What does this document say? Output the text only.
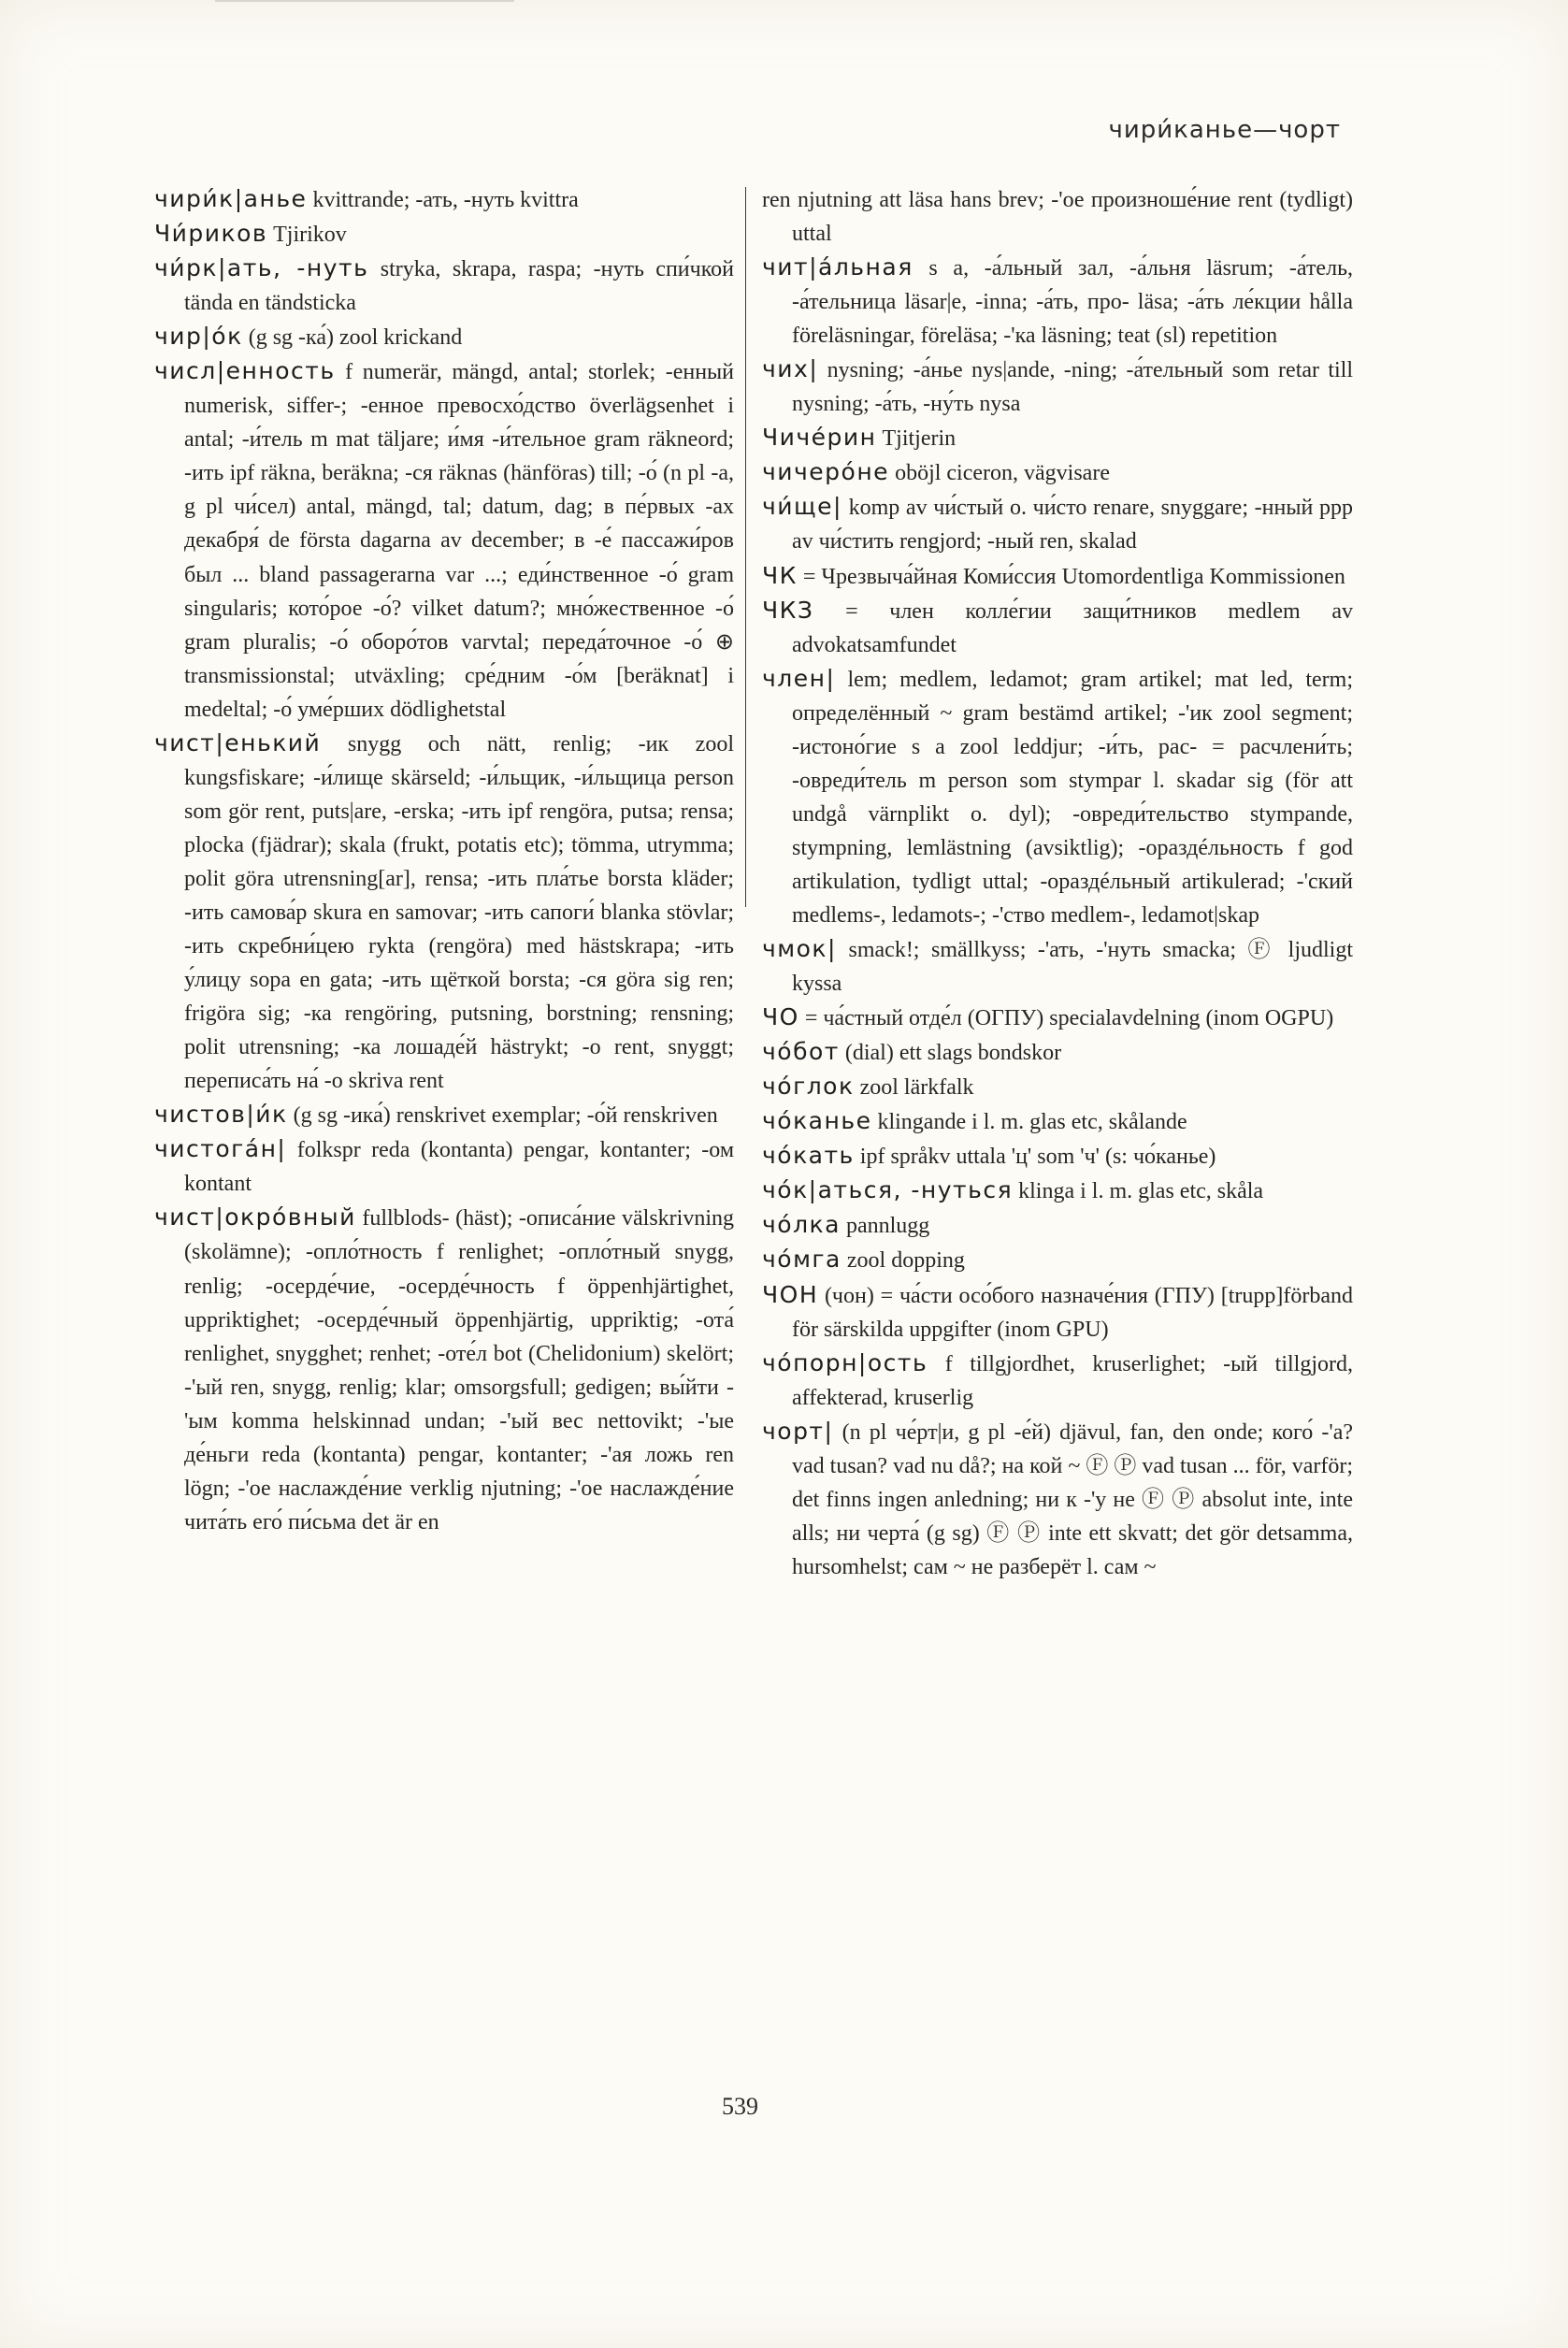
чири́канье—чорт

чири́к|анье kvittrande; -ать, -нуть kvittra

Чи́риков Tjirikov

чи́рк|ать, -нуть stryka, skrapa, raspa; -нуть спи́чкой tända en tändsticka

чир|о́к (g sg -ка́) zool krickand

числ|енность f numerär, mängd, antal; storlek; -енный numerisk, siffer-; -енное превосхо́дство överlägsenhet i antal; -и́тель m mat täljare; и́мя -и́тельное gram räkneord; -ить ipf räkna, beräkna; -ся räknas (hänföras) till; -о́ (n pl -а, g pl чи́сел) antal, mängd, tal; datum, dag; в пе́рвых -ах декабря́ de första dagarna av december; в -е́ пассажи́ров был ... bland passagerarna var ...; еди́нственное -о́ gram singularis; кото́рое -о́? vilket datum?; мно́жественное -о́ gram pluralis; -о́ оборо́тов varvtal; переда́точное -о́ ⊕ transmissionstal; utväxling; сре́дним -о́м [beräknat] i medeltal; -о́ уме́рших dödlighetstal

чист|енький snygg och nätt, renlig; -ик zool kungsfiskare; -и́лище skärseld; -и́льщик, -и́льщица person som gör rent, puts|are, -erska; -ить ipf rengöra, putsa; rensa; plocka (fjädrar); skala (frukt, potatis etc); tömma, utrymma; polit göra utrensning[ar], rensa; -ить пла́тье borsta kläder; -ить самова́р skura en samovar; -ить сапоги́ blanka stövlar; -ить скребни́цею rykta (rengöra) med hästskrapa; -ить у́лицу sopa en gata; -ить щёткой borsta; -ся göra sig ren; frigöra sig; -ка rengöring, putsning, borstning; rensning; polit utrensning; -ка лошаде́й hästrykt; -о rent, snyggt; переписа́ть на́ -о skriva rent

чистов|и́к (g sg -ика́) renskrivet exemplar; -о́й renskriven

чистога́н| folkspr reda (kontanta) pengar, kontanter; -ом kontant

чист|окро́вный fullblods- (häst); -описа́ние välskrivning (skolämne); -опло́тность f renlighet; -опло́тный snygg, renlig; -осерде́чие, -осерде́чность f öppenhjärtighet, uppriktighet; -осерде́чный öppenhjärtig, uppriktig; -ота́ renlighet, snygghet; renhet; -оте́л bot (Chelidonium) skelört; -'ый ren, snygg, renlig; klar; omsorgsfull; gedigen; вы́йти -'ым komma helskinnad undan; -'ый вес nettovikt; -'ые де́ньги reda (kontanta) pengar, kontanter; -'ая ложь ren lögn; -'ое наслажде́ние verklig njutning; -'ое наслажде́ние чита́ть его́ пи́сьма det är en

ren njutning att läsa hans brev; -'ое произноше́ние rent (tydligt) uttal

чит|а́льная s a, -а́льный зал, -а́льня läsrum; -а́тель, -а́тельница läsar|e, -inna; -а́ть, про- läsa; -а́ть ле́кции hålla föreläsningar, föreläsa; -'ка läsning; teat (sl) repetition

чих| nysning; -а́нье nys|ande, -ning; -а́тельный som retar till nysning; -а́ть, -ну́ть nysa

Чиче́рин Tjitjerin

чичеро́не oböjl ciceron, vägvisare

чи́ще| komp av чи́стый o. чи́сто renare, snyggare; -нный ppp av чи́стить rengjord; -ный ren, skalad

ЧК = Чрезвыча́йная Коми́ссия Utomordentliga Kommissionen

ЧКЗ = член колле́гии защи́тников medlem av advokatsamfundet

член| lem; medlem, ledamot; gram artikel; mat led, term; определённый ~ gram bestämd artikel; -'ик zool segment; -истоно́гие s a zool leddjur; -и́ть, рас- = расчлени́ть; -овреди́тель m person som stympar l. skadar sig (för att undgå värnplikt o. dyl); -овреди́тельство stympande, stympning, lemlästning (avsiktlig); -ораздéльность f god artikulation, tydligt uttal; -ораздéльный artikulerad; -'ский medlems-, ledamots-; -'ство medlem-, ledamot|skap

чмок| smack!; smällkyss; -'ать, -'нуть smacka; Ⓕ ljudligt kyssa

ЧО = ча́стный отде́л (ОГПУ) specialavdelning (inom OGPU)

чо́бот (dial) ett slags bondskor

чо́глок zool lärkfalk

чо́канье klingande i l. m. glas etc, skålande

чо́кать ipf språkv uttala 'ц' som 'ч' (s: чо́канье)

чо́к|аться, -нуться klinga i l. m. glas etc, skåla

чо́лка pannlugg

чо́мга zool dopping

ЧОН (чон) = ча́сти осо́бого назначе́ния (ГПУ) [trupp]förband för särskilda uppgifter (inom GPU)

чо́порн|ость f tillgjordhet, kruserlighet; -ый tillgjord, affekterad, kruserlig

чорт| (n pl че́рт|и, g pl -е́й) djävul, fan, den onde; кого́ -'а? vad tusan? vad nu då?; на кой ~ Ⓕ Ⓟ vad tusan ... för, varför; det finns ingen anledning; ни к -'у не Ⓕ Ⓟ absolut inte, inte alls; ни черта́ (g sg) Ⓕ Ⓟ inte ett skvatt; det gör detsamma, hursomhelst; сам ~ не разберёт l. сам ~

539
